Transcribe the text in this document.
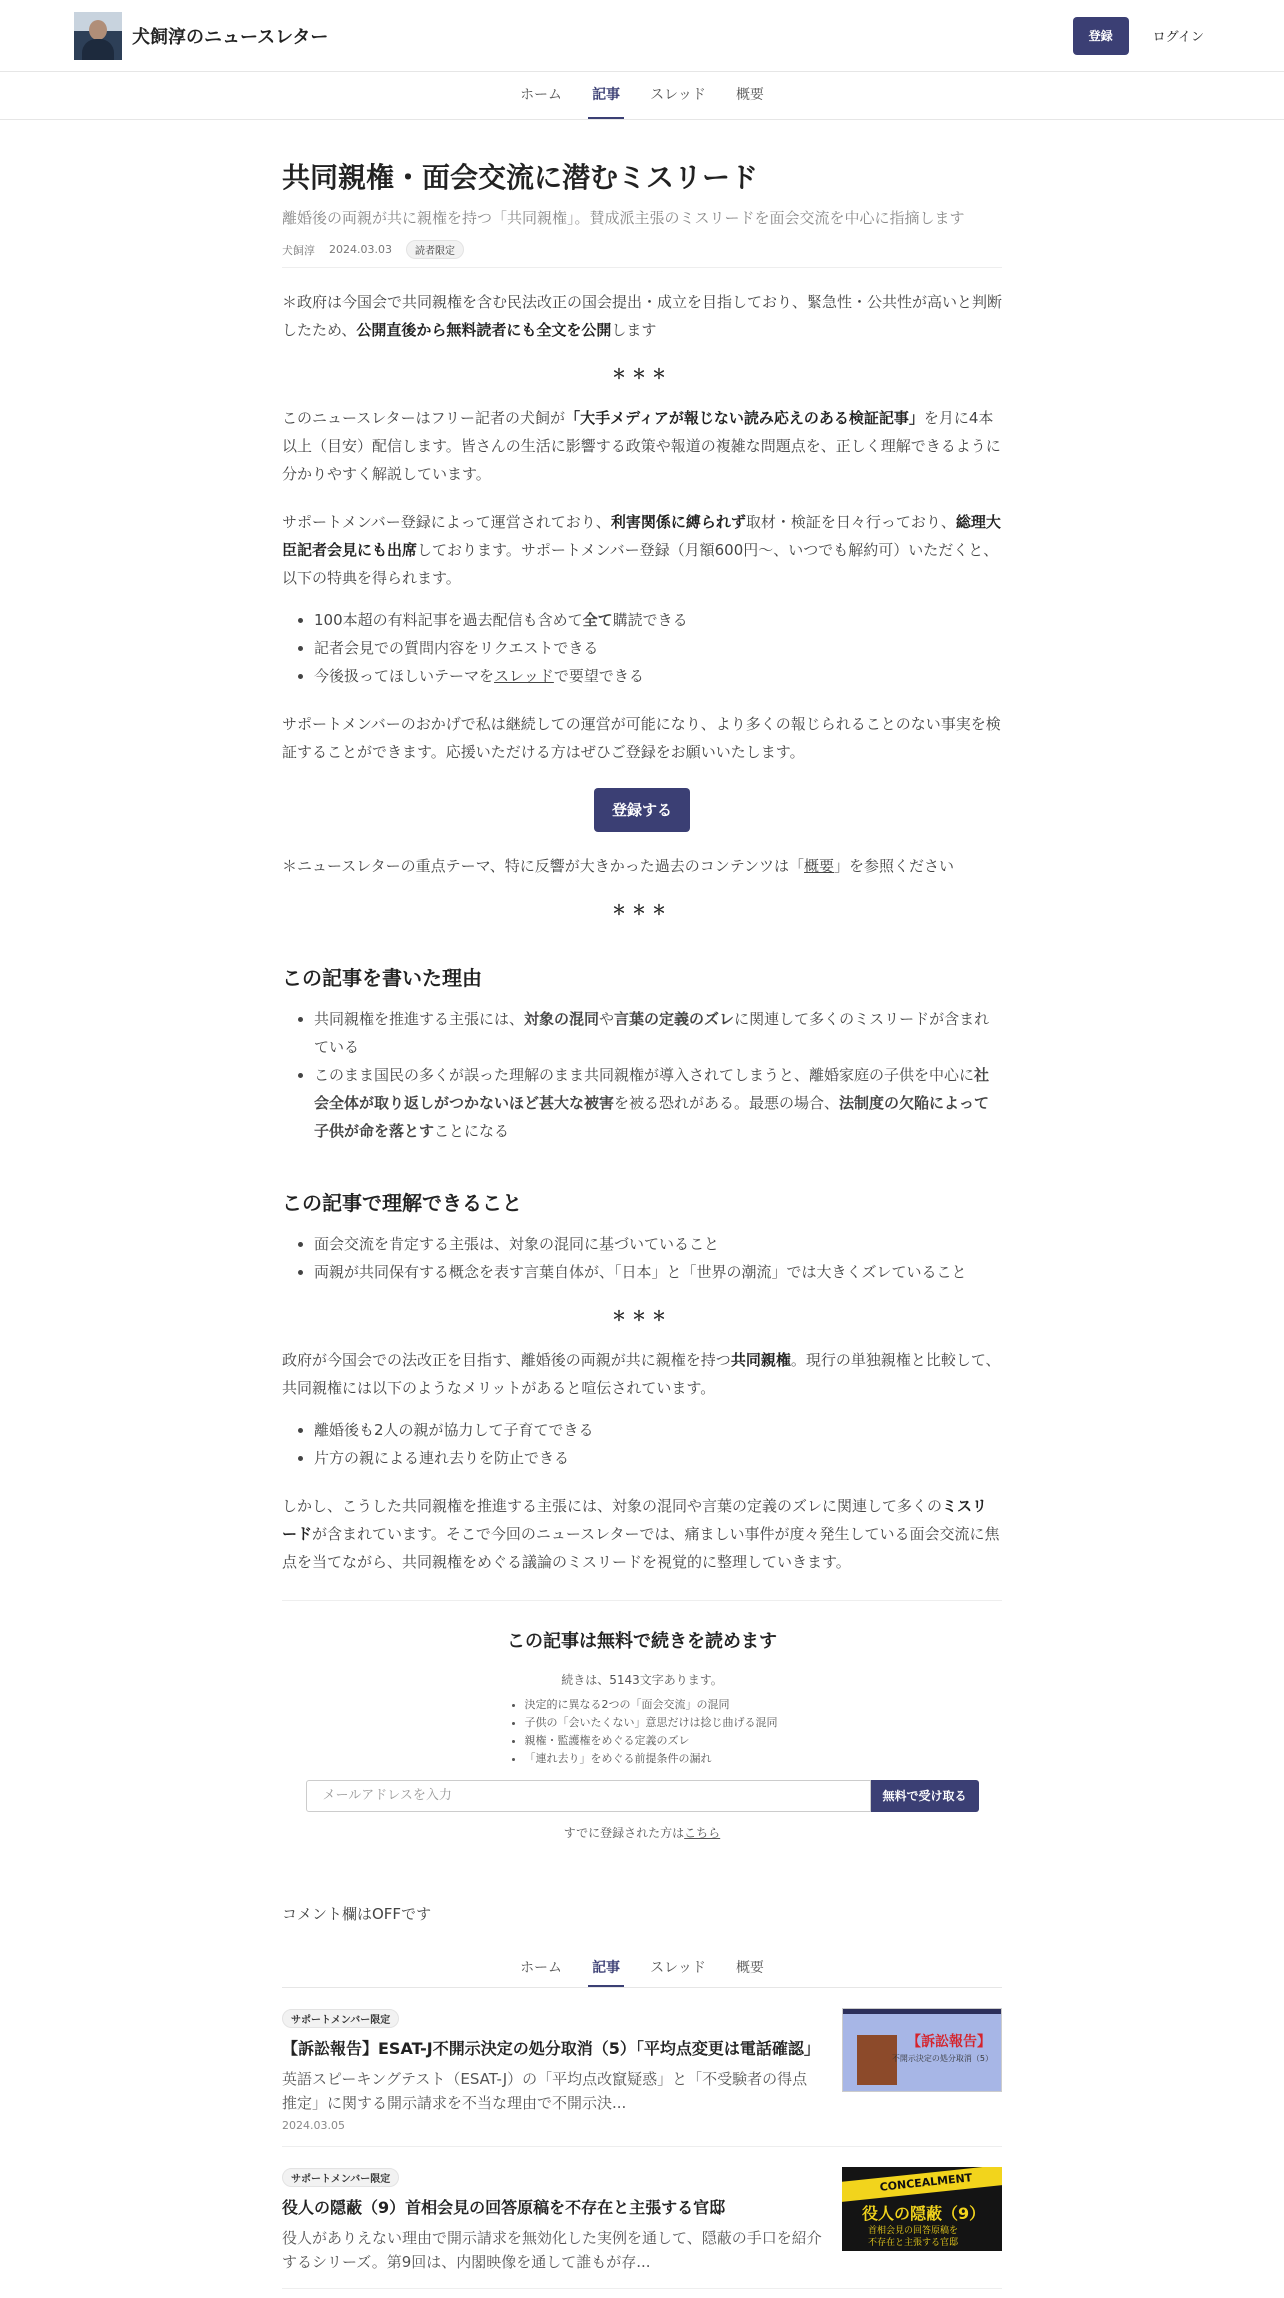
犬飼淳のニュースレター	登録	ログイン
ホーム 記事 スレッド 概要
共同親権・面会交流に潜むミスリード
離婚後の両親が共に親権を持つ「共同親権」。賛成派主張のミスリードを面会交流を中心に指摘します
犬飼淳 2024.03.03	読者限定

＊政府は今国会で共同親権を含む民法改正の国会提出・成立を目指しており、緊急性・公共性が高いと判断したため、公開直後から無料読者にも全文を公開します

＊＊＊

このニュースレターはフリー記者の犬飼が「大手メディアが報じない読み応えのある検証記事」を月に4本以上（目安）配信します。皆さんの生活に影響する政策や報道の複雑な問題点を、正しく理解できるように分かりやすく解説しています。

サポートメンバー登録によって運営されており、利害関係に縛られず取材・検証を日々行っており、総理大臣記者会見にも出席しております。サポートメンバー登録（月額600円〜、いつでも解約可）いただくと、以下の特典を得られます。

• 100本超の有料記事を過去配信も含めて全て購読できる
• 記者会見での質問内容をリクエストできる
• 今後扱ってほしいテーマをスレッドで要望できる

サポートメンバーのおかげで私は継続しての運営が可能になり、より多くの報じられることのない事実を検証することができます。応援いただける方はぜひご登録をお願いいたします。

登録する

＊ニュースレターの重点テーマ、特に反響が大きかった過去のコンテンツは「概要」を参照ください

＊＊＊
この記事を書いた理由
• 共同親権を推進する主張には、対象の混同や言葉の定義のズレに関連して多くのミスリードが含まれている
• このまま国民の多くが誤った理解のまま共同親権が導入されてしまうと、離婚家庭の子供を中心に社会全体が取り返しがつかないほど甚大な被害を被る恐れがある。最悪の場合、法制度の欠陥によって子供が命を落とすことになる
この記事で理解できること
• 面会交流を肯定する主張は、対象の混同に基づいていること
• 両親が共同保有する概念を表す言葉自体が、「日本」と「世界の潮流」では大きくズレていること
＊＊＊

政府が今国会での法改正を目指す、離婚後の両親が共に親権を持つ共同親権。現行の単独親権と比較して、共同親権には以下のようなメリットがあると喧伝されています。

• 離婚後も2人の親が協力して子育てできる
• 片方の親による連れ去りを防止できる

しかし、こうした共同親権を推進する主張には、対象の混同や言葉の定義のズレに関連して多くのミスリードが含まれています。そこで今回のニュースレターでは、痛ましい事件が度々発生している面会交流に焦点を当てながら、共同親権をめぐる議論のミスリードを視覚的に整理していきます。

この記事は無料で続きを読めます
続きは、5143文字あります。
• 決定的に異なる2つの「面会交流」の混同
• 子供の「会いたくない」意思だけは捻じ曲げる混同
• 親権・監護権をめぐる定義のズレ
• 「連れ去り」をめぐる前提条件の漏れ
メールアドレスを入力	無料で受け取る
すでに登録された方はこちら
コメント欄はOFFです
ホーム 記事 スレッド 概要
サポートメンバー限定
【訴訟報告】ESAT-J不開示決定の処分取消（5）「平均点変更は電話確認」
英語スピーキングテスト（ESAT-J）の「平均点改竄疑惑」と「不受験者の得点推定」に関する開示請求を不当な理由で不開示決...
2024.03.05
【訴訟報告】
不開示決定の処分取消（5）
サポートメンバー限定
役人の隠蔽（9）首相会見の回答原稿を不存在と主張する官邸
役人がありえない理由で開示請求を無効化した実例を通して、隠蔽の手口を紹介するシリーズ。第9回は、内閣映像を通して誰もが存...
CONCEALMENT
役人の隠蔽（9）
首相会見の回答原稿を
不存在と主張する官邸
